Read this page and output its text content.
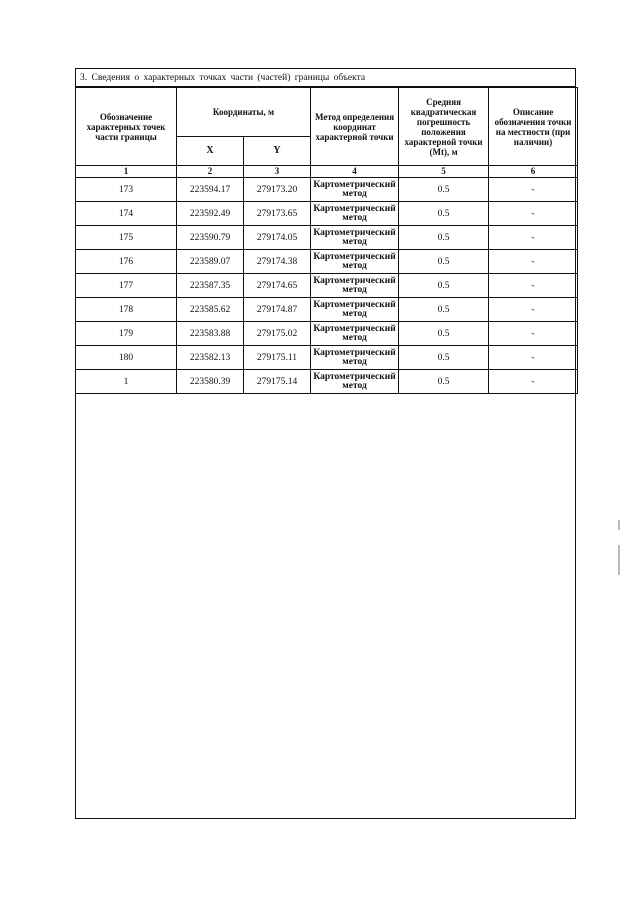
3. Сведения о характерных точках части (частей) границы объекта
Обозначение характерных точек части границы	Координаты, м		Метод определения координат характерной точки	Средняя квадратическая погрешность положения характерной точки (Mt), м	Описание обозначения точки на местности (при наличии)
	X	Y			
1	2	3	4	5	6
173	223594.17	279173.20	Картометрический метод	0.5	-
174	223592.49	279173.65	Картометрический метод	0.5	-
175	223590.79	279174.05	Картометрический метод	0.5	-
176	223589.07	279174.38	Картометрический метод	0.5	-
177	223587.35	279174.65	Картометрический метод	0.5	-
178	223585.62	279174.87	Картометрический метод	0.5	-
179	223583.88	279175.02	Картометрический метод	0.5	-
180	223582.13	279175.11	Картометрический метод	0.5	-
1	223580.39	279175.14	Картометрический метод	0.5	-
